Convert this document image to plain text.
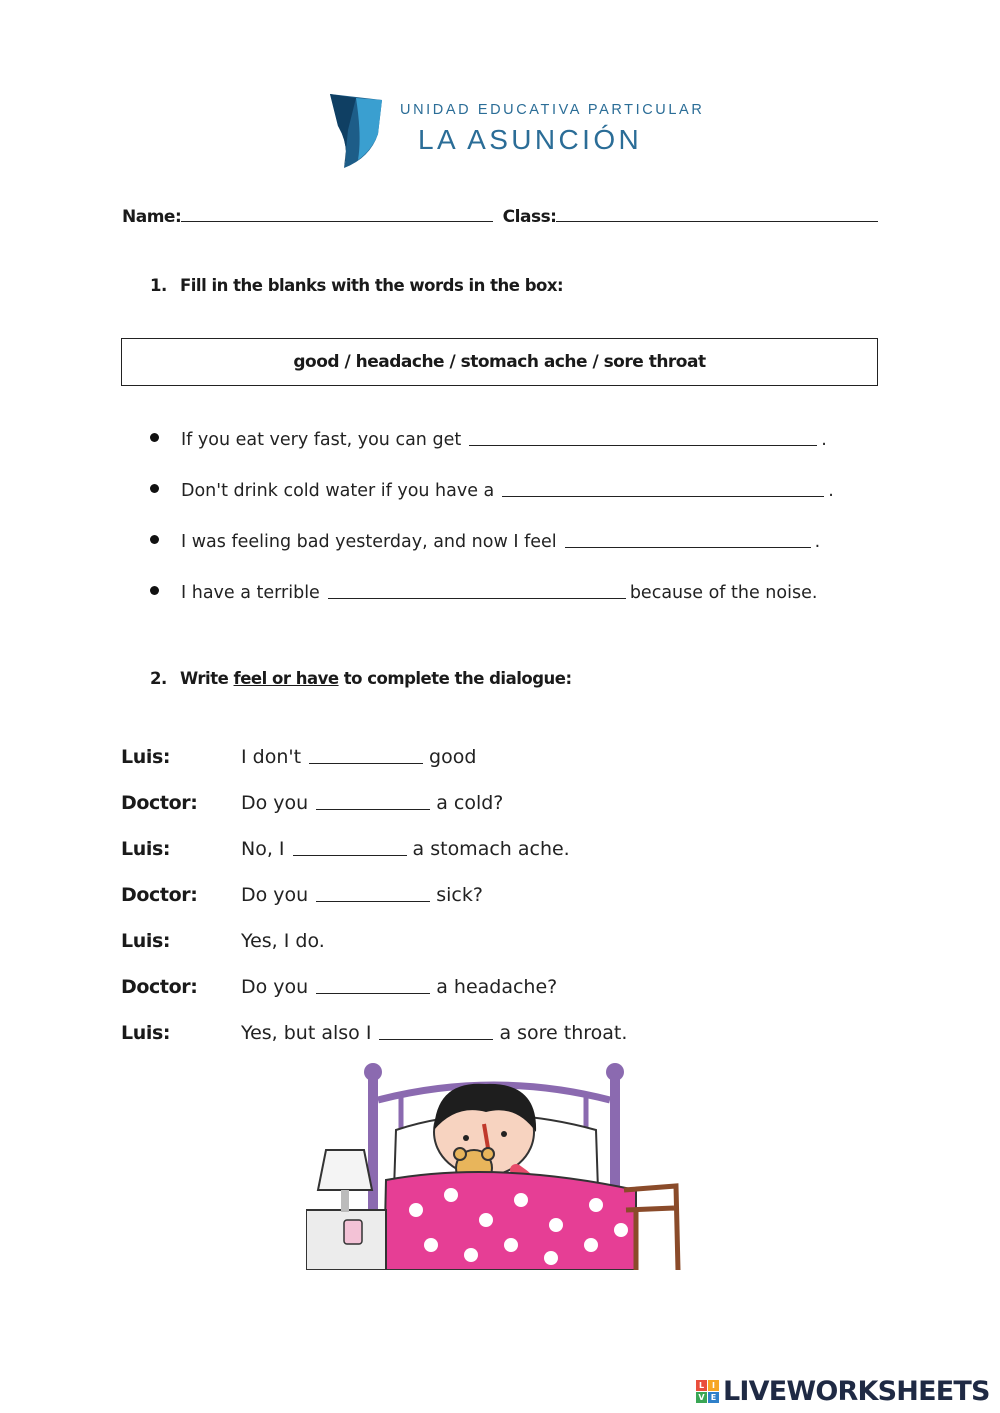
UNIDAD EDUCATIVA PARTICULAR
LA ASUNCIÓN
Name:	Class:
1. Fill in the blanks with the words in the box:
good / headache / stomach ache / sore throat
If you eat very fast, you can get	.
Don't drink cold water if you have a	.
I was feeling bad yesterday, and now I feel	.
I have a terrible	because of the noise.
2. Write feel or have to complete the dialogue:
Luis:	I don't	good
Doctor:	Do you	a cold?
Luis:	No, I	a stomach ache.
Doctor:	Do you	sick?
Luis:	Yes, I do.
Doctor:	Do you	a headache?
Luis:	Yes, but also I	a sore throat.
L I
V E LIVEWORKSHEETS
